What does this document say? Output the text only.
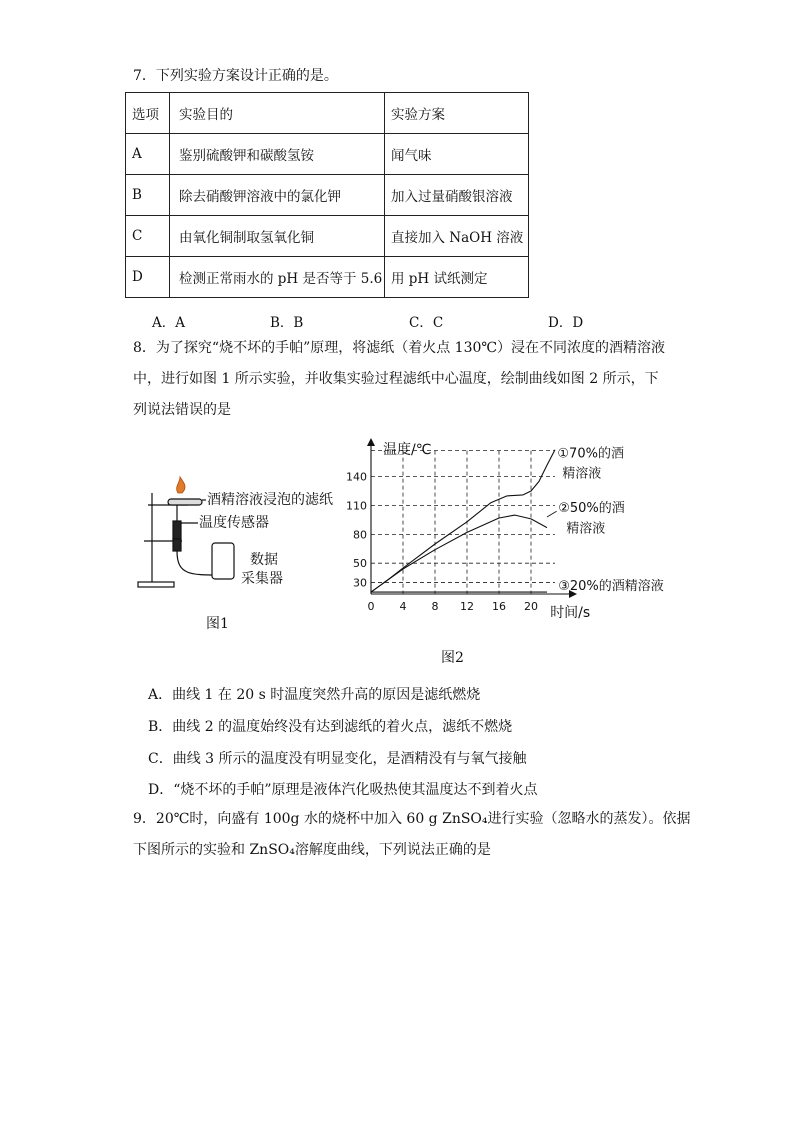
7．下列实验方案设计正确的是。
选项	实验目的	实验方案
A	鉴别硫酸钾和碳酸氢铵	闻气味
B	除去硝酸钾溶液中的氯化钾	加入过量硝酸银溶液
C	由氧化铜制取氢氧化铜	直接加入 NaOH 溶液
D	检测正常雨水的 pH 是否等于 5.6	用 pH 试纸测定
A．A	B．B	C．C	D．D
8．为了探究“烧不坏的手帕”原理，将滤纸（着火点 130℃）浸在不同浓度的酒精溶液
中，进行如图 1 所示实验，并收集实验过程滤纸中心温度，绘制曲线如图 2 所示，下
列说法错误的是
酒精溶液浸泡的滤纸
温度传感器
数据
采集器
图1
30
50
80
110
140
0 4 8 12 16 20
温度/℃
时间/s
①70%的酒
精溶液
②50%的酒
精溶液
③20%的酒精溶液
图2
A．曲线 1 在 20 s 时温度突然升高的原因是滤纸燃烧
B．曲线 2 的温度始终没有达到滤纸的着火点，滤纸不燃烧
C．曲线 3 所示的温度没有明显变化，是酒精没有与氧气接触
D．“烧不坏的手帕”原理是液体汽化吸热使其温度达不到着火点
9．20℃时，向盛有 100g 水的烧杯中加入 60 g ZnSO₄进行实验（忽略水的蒸发）。依据
下图所示的实验和 ZnSO₄溶解度曲线，下列说法正确的是
